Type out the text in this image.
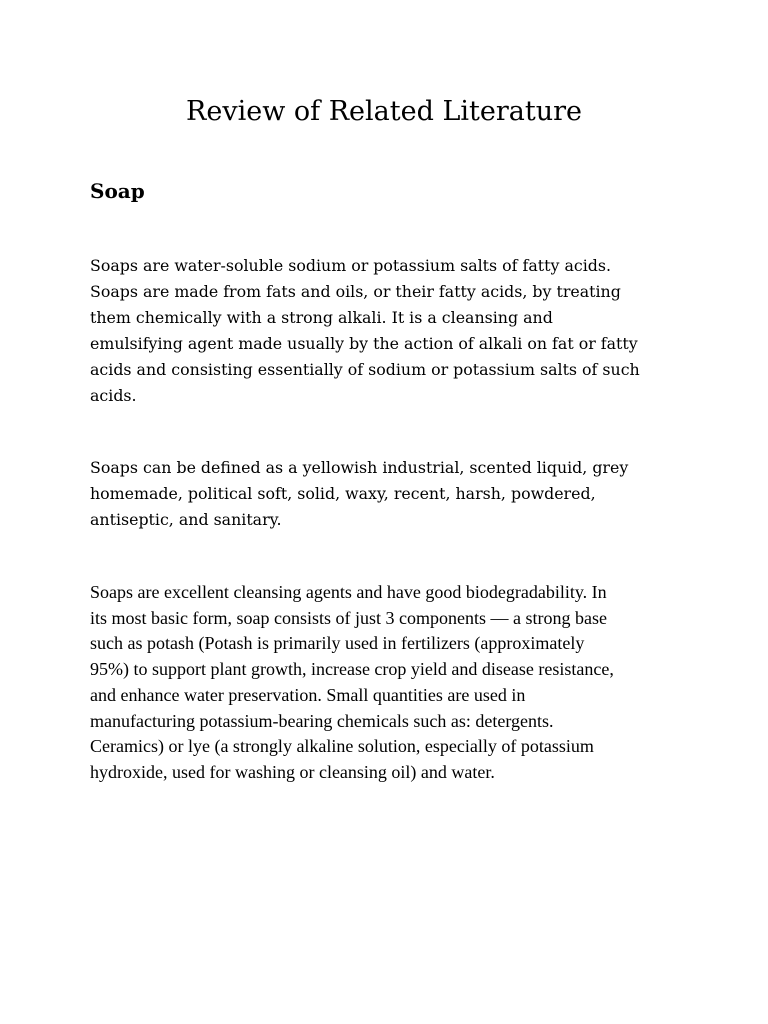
Review of Related Literature
Soap

Soaps are water-soluble sodium or potassium salts of fatty acids.
Soaps are made from fats and oils, or their fatty acids, by treating
them chemically with a strong alkali. It is a cleansing and
emulsifying agent made usually by the action of alkali on fat or fatty
acids and consisting essentially of sodium or potassium salts of such
acids.

Soaps can be defined as a yellowish industrial, scented liquid, grey
homemade, political soft, solid, waxy, recent, harsh, powdered,
antiseptic, and sanitary.

Soaps are excellent cleansing agents and have good biodegradability. In
its most basic form, soap consists of just 3 components — a strong base
such as potash (Potash is primarily used in fertilizers (approximately
95%) to support plant growth, increase crop yield and disease resistance,
and enhance water preservation. Small quantities are used in
manufacturing potassium-bearing chemicals such as: detergents.
Ceramics) or lye (a strongly alkaline solution, especially of potassium
hydroxide, used for washing or cleansing oil) and water.
